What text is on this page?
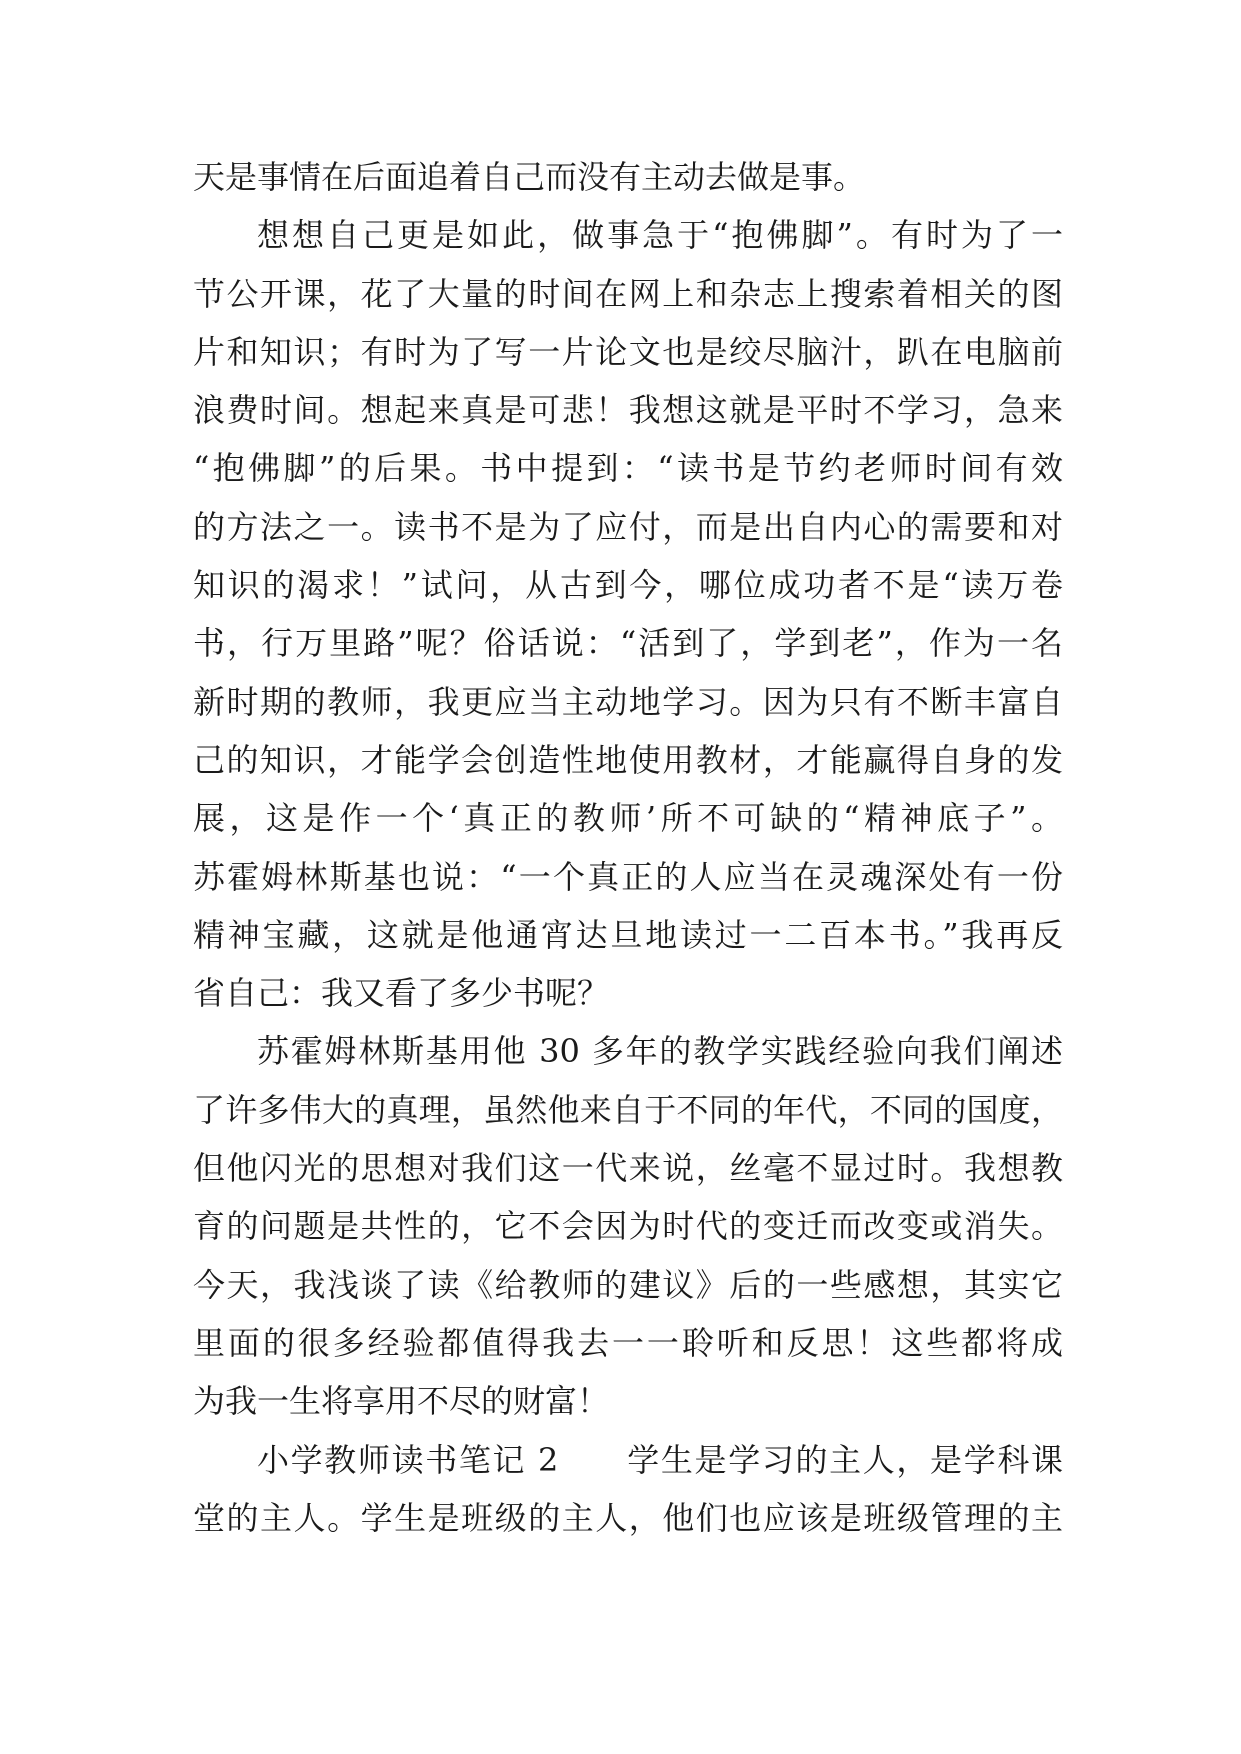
天是事情在后面追着自己而没有主动去做是事。
想想自己更是如此，做事急于“抱佛脚”。有时为了一
节公开课，花了大量的时间在网上和杂志上搜索着相关的图
片和知识；有时为了写一片论文也是绞尽脑汁，趴在电脑前
浪费时间。想起来真是可悲！我想这就是平时不学习，急来
“抱佛脚”的后果。书中提到：“读书是节约老师时间有效
的方法之一。读书不是为了应付，而是出自内心的需要和对
知识的渴求！”试问，从古到今，哪位成功者不是“读万卷
书，行万里路”呢？俗话说：“活到了，学到老”，作为一名
新时期的教师，我更应当主动地学习。因为只有不断丰富自
己的知识，才能学会创造性地使用教材，才能赢得自身的发
展，这是作一个‘真正的教师’所不可缺的“精神底子”。
苏霍姆林斯基也说：“一个真正的人应当在灵魂深处有一份
精神宝藏，这就是他通宵达旦地读过一二百本书。”我再反
省自己：我又看了多少书呢？
苏霍姆林斯基用他 30 多年的教学实践经验向我们阐述
了许多伟大的真理，虽然他来自于不同的年代，不同的国度，
但他闪光的思想对我们这一代来说，丝毫不显过时。我想教
育的问题是共性的，它不会因为时代的变迁而改变或消失。
今天，我浅谈了读《给教师的建议》后的一些感想，其实它
里面的很多经验都值得我去一一聆听和反思！这些都将成
为我一生将享用不尽的财富！
小学教师读书笔记 2　　学生是学习的主人，是学科课
堂的主人。学生是班级的主人，他们也应该是班级管理的主
